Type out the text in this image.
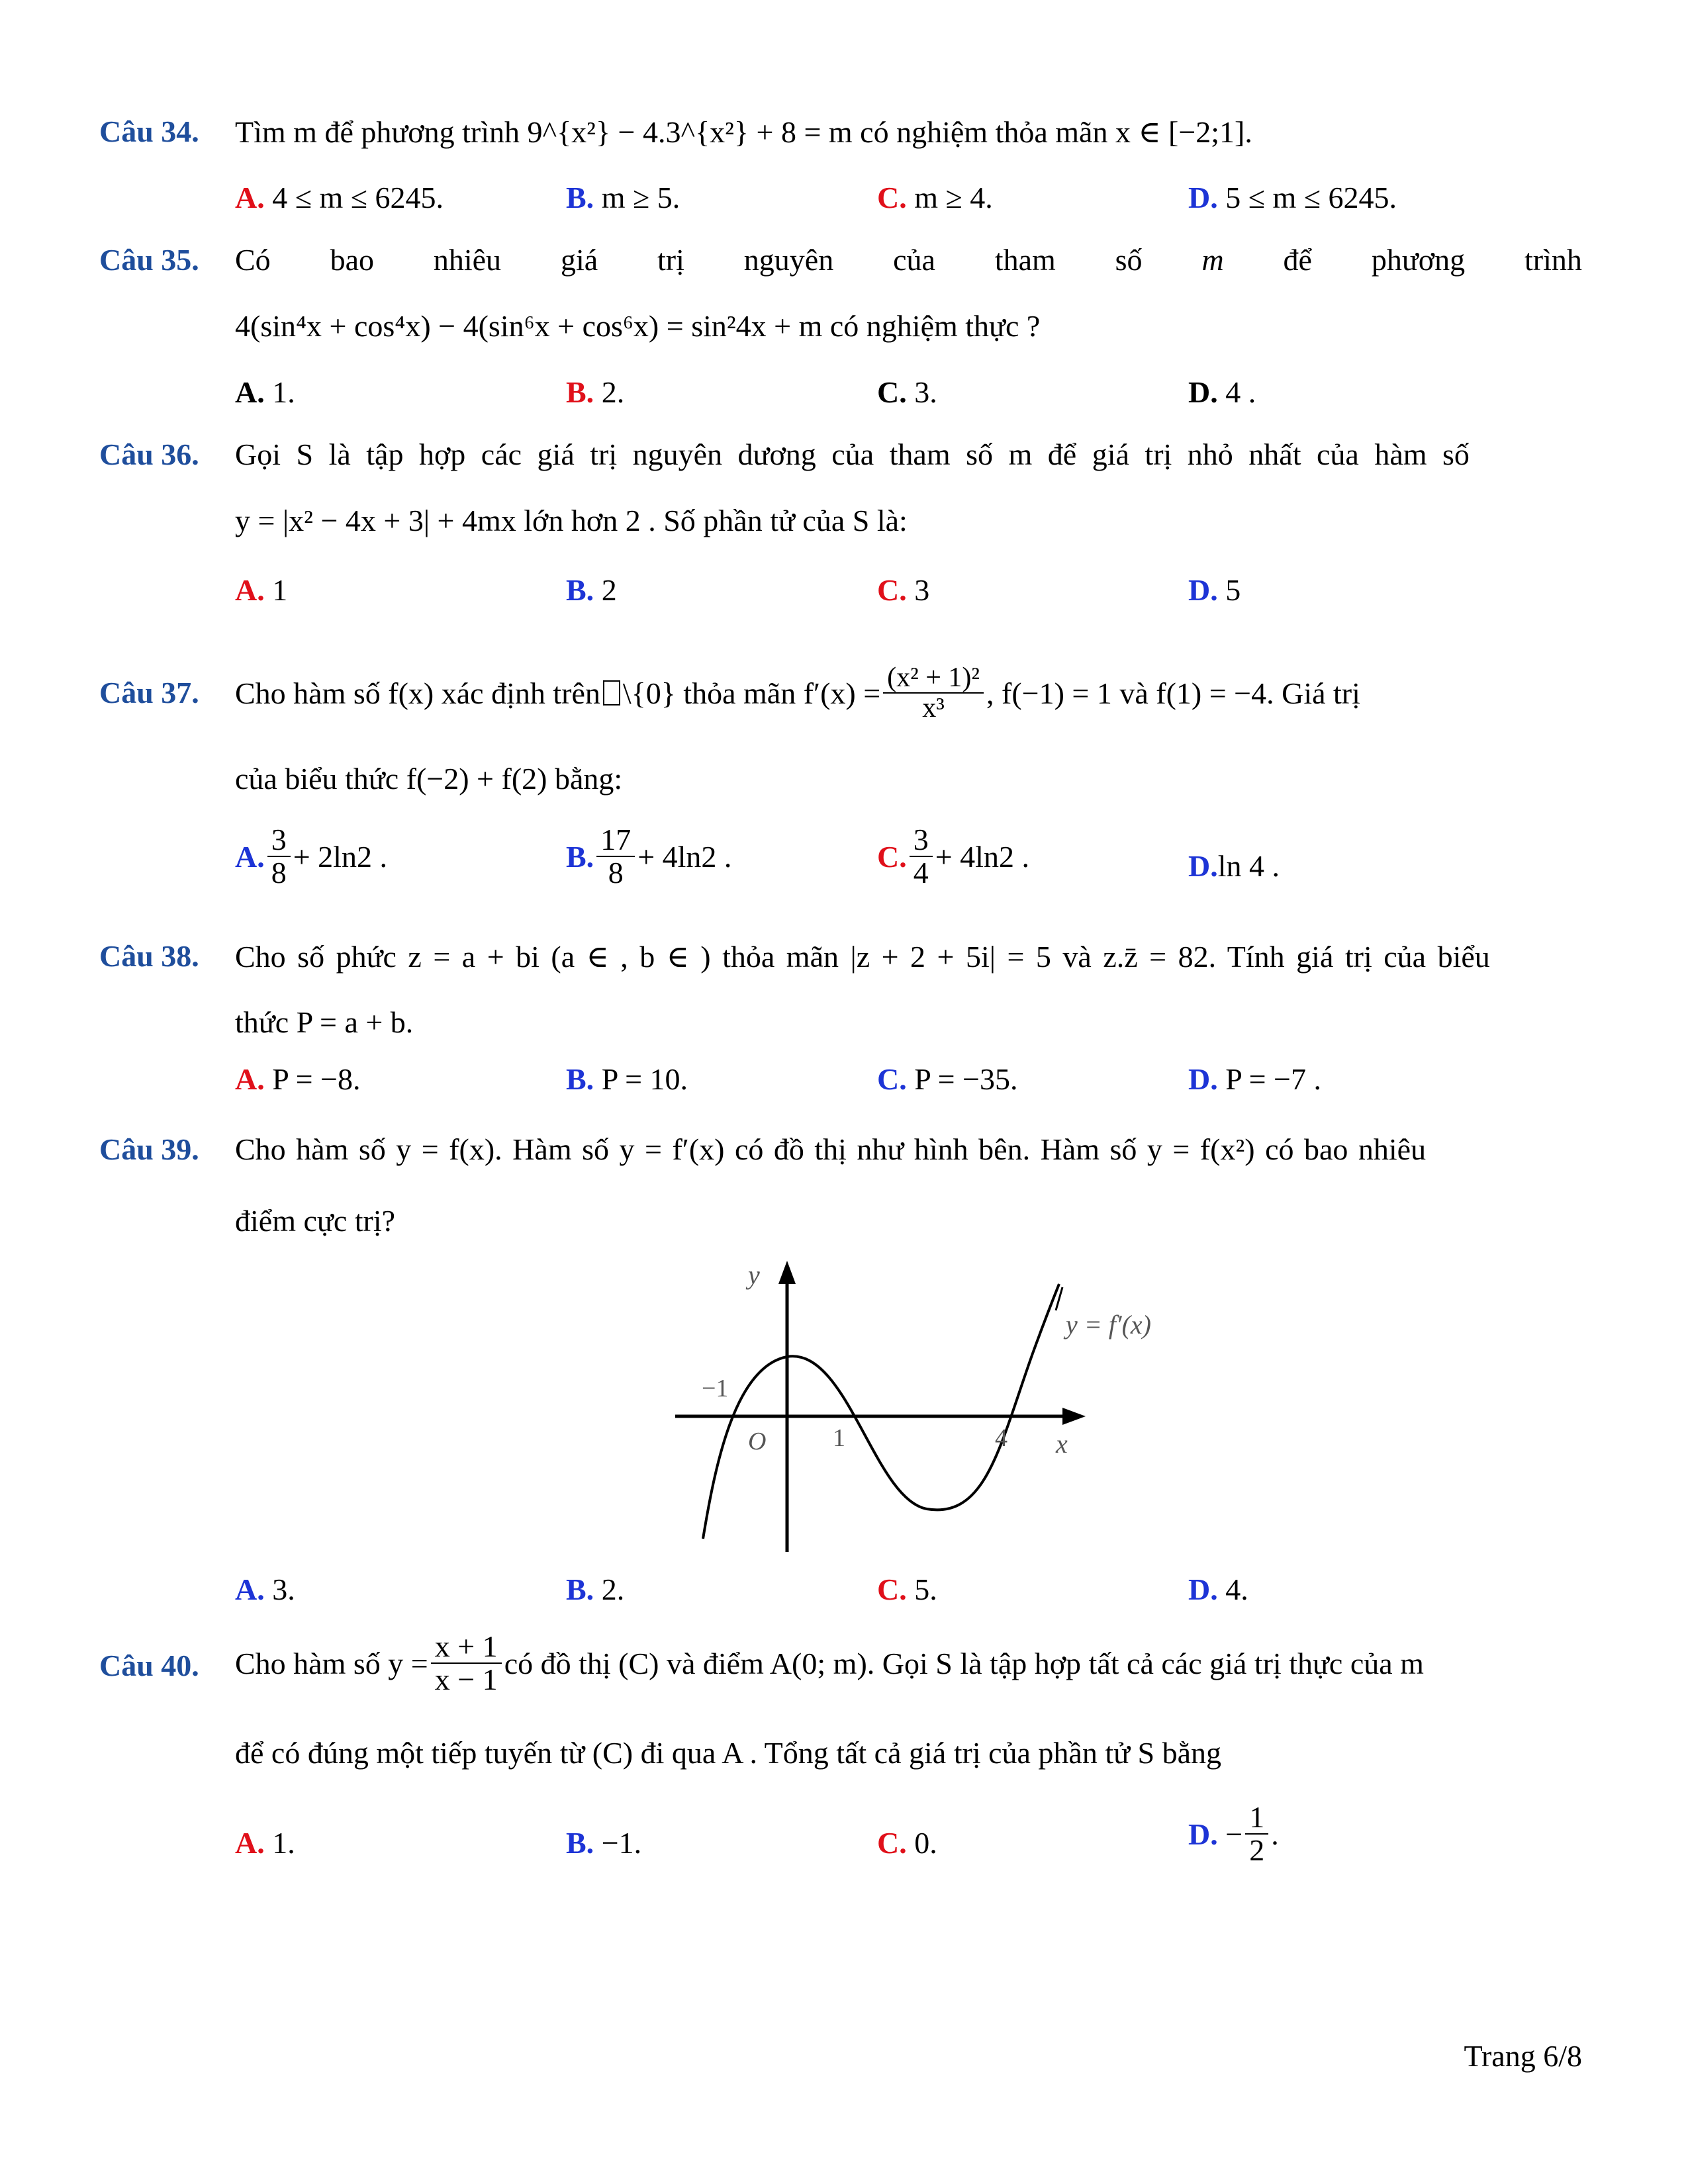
Câu 34. Tìm m để phương trình 9^{x²} − 4.3^{x²} + 8 = m có nghiệm thỏa mãn x ∈ [−2;1].
A. 4 ≤ m ≤ 6245.	B. m ≥ 5.	C. m ≥ 4.	D. 5 ≤ m ≤ 6245.
Câu 35. Có bao nhiêu giá trị nguyên của tham số m để phương trình
4(sin⁴x + cos⁴x) − 4(sin⁶x + cos⁶x) = sin²4x + m có nghiệm thực ?
A. 1.	B. 2.	C. 3.	D. 4 .
Câu 36. Gọi S là tập hợp các giá trị nguyên dương của tham số m để giá trị nhỏ nhất của hàm số
y = |x² − 4x + 3| + 4mx lớn hơn 2 . Số phần tử của S là:
A. 1	B. 2	C. 3	D. 5
Câu 37. Cho hàm số f(x) xác định trên \{0} thỏa mãn $f'(x) = \frac{\text{(x² + 1)²}}{\text{x³}}$ , f(−1) = 1 và f(1) = −4. Giá trị
của biểu thức f(−2) + f(2) bằng:
A. $\frac{3}{8} + 2\ln 2$ .	B. $\frac{17}{8} + 4\ln 2$ .	C. $\frac{3}{4} + 4\ln 2$ .	D.ln 4 .
Câu 38. Cho số phức z = a + bi (a ∈ , b ∈ ) thỏa mãn |z + 2 + 5i| = 5 và z.z̄ = 82. Tính giá trị của biểu
thức P = a + b.
A. P = −8.	B. P = 10.	C. P = −35.	D. P = −7 .
Câu 39. Cho hàm số y = f(x). Hàm số y = f′(x) có đồ thị như hình bên. Hàm số y = f(x²) có bao nhiêu
điểm cực trị?
y
x
O
−1
1	4
y = f′(x)
A. 3.	B. 2.	C. 5.	D. 4.
Câu 40. Cho hàm số $y = \frac{x + 1}{x - 1}$ có đồ thị (C) và điểm A(0; m). Gọi S là tập hợp tất cả các giá trị thực của m
để có đúng một tiếp tuyến từ (C) đi qua A . Tổng tất cả giá trị của phần tử S bằng
A. 1.	B. −1.	C. 0.	D.
− $\frac{1}{2}$ .
Trang 6/8
